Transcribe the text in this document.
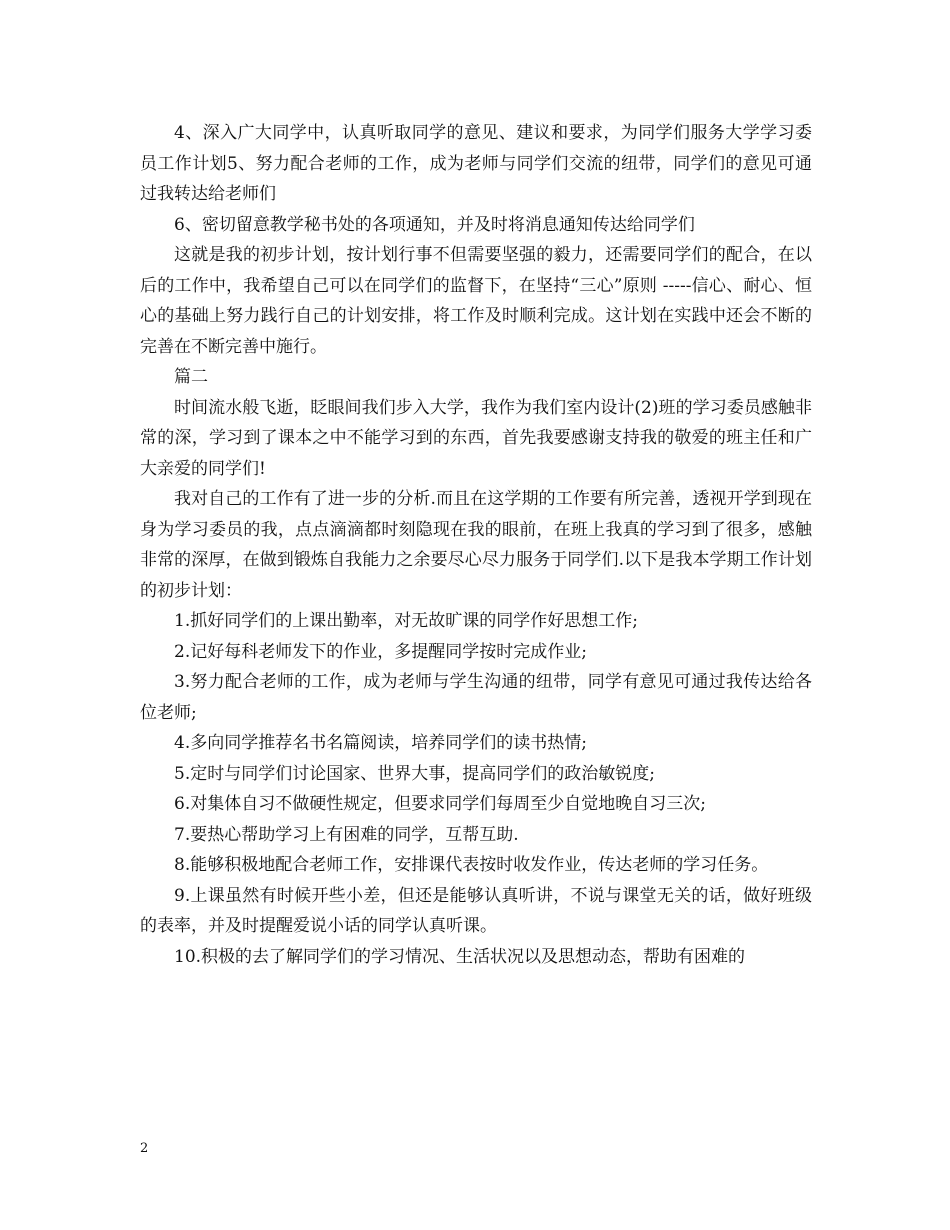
4、深入广大同学中，认真听取同学的意见、建议和要求，为同学们服务大学学习委员工作计划5、努力配合老师的工作，成为老师与同学们交流的纽带，同学们的意见可通过我转达给老师们

6、密切留意教学秘书处的各项通知，并及时将消息通知传达给同学们

这就是我的初步计划，按计划行事不但需要坚强的毅力，还需要同学们的配合，在以后的工作中，我希望自己可以在同学们的监督下，在坚持“三心”原则 -----信心、耐心、恒心的基础上努力践行自己的计划安排，将工作及时顺利完成。这计划在实践中还会不断的完善在不断完善中施行。

篇二

时间流水般飞逝，眨眼间我们步入大学，我作为我们室内设计(2)班的学习委员感触非常的深，学习到了课本之中不能学习到的东西，首先我要感谢支持我的敬爱的班主任和广大亲爱的同学们!

我对自己的工作有了进一步的分析.而且在这学期的工作要有所完善，透视开学到现在身为学习委员的我，点点滴滴都时刻隐现在我的眼前，在班上我真的学习到了很多，感触非常的深厚，在做到锻炼自我能力之余要尽心尽力服务于同学们.以下是我本学期工作计划的初步计划：

1.抓好同学们的上课出勤率，对无故旷课的同学作好思想工作;

2.记好每科老师发下的作业，多提醒同学按时完成作业;

3.努力配合老师的工作，成为老师与学生沟通的纽带，同学有意见可通过我传达给各位老师;

4.多向同学推荐名书名篇阅读，培养同学们的读书热情;

5.定时与同学们讨论国家、世界大事，提高同学们的政治敏锐度;

6.对集体自习不做硬性规定，但要求同学们每周至少自觉地晚自习三次;

7.要热心帮助学习上有困难的同学，互帮互助.

8.能够积极地配合老师工作，安排课代表按时收发作业，传达老师的学习任务。

9.上课虽然有时候开些小差，但还是能够认真听讲，不说与课堂无关的话，做好班级的表率，并及时提醒爱说小话的同学认真听课。

10.积极的去了解同学们的学习情况、生活状况以及思想动态，帮助有困难的

2
